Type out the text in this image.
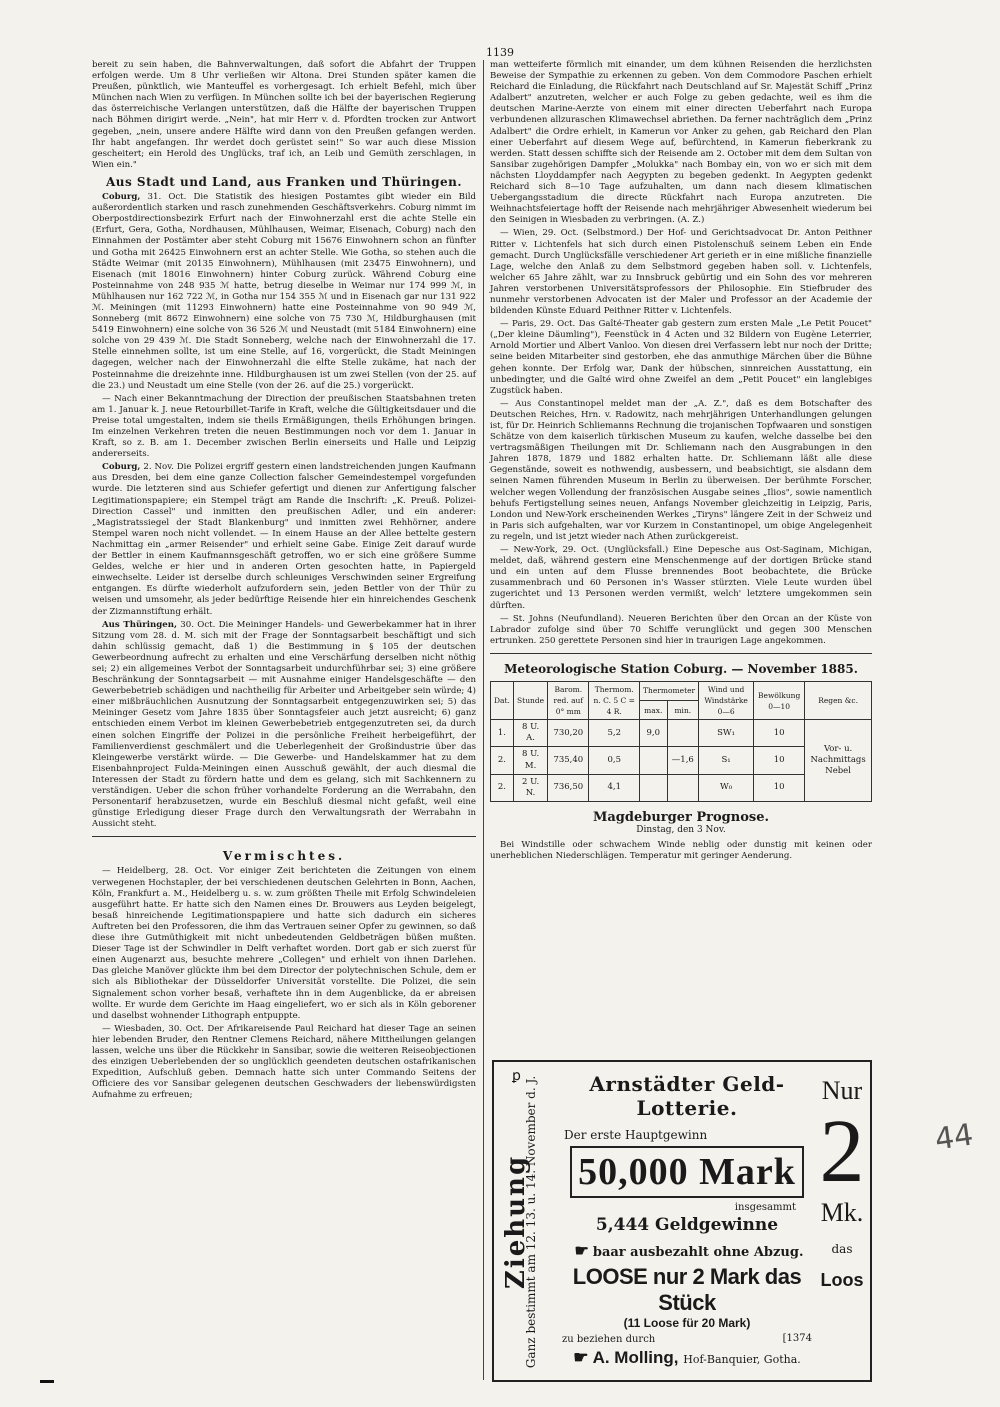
1139

bereit zu sein haben, die Bahnverwaltungen, daß sofort die Abfahrt der Truppen erfolgen werde. Um 8 Uhr verließen wir Altona. Drei Stunden später kamen die Preußen, pünktlich, wie Manteuffel es vorhergesagt. Ich erhielt Befehl, mich über München nach Wien zu verfügen. In München sollte ich bei der bayerischen Regierung das österreichische Verlangen unterstützen, daß die Hälfte der bayerischen Truppen nach Böhmen dirigirt werde. „Nein", hat mir Herr v. d. Pfordten trocken zur Antwort gegeben, „nein, unsere andere Hälfte wird dann von den Preußen gefangen werden. Ihr habt angefangen. Ihr werdet doch gerüstet sein!" So war auch diese Mission gescheitert; ein Herold des Unglücks, traf ich, an Leib und Gemüth zerschlagen, in Wien ein."

Aus Stadt und Land, aus Franken und Thüringen.

Coburg, 31. Oct. Die Statistik des hiesigen Postamtes gibt wieder ein Bild außerordentlich starken und rasch zunehmenden Geschäftsverkehrs. Coburg nimmt im Oberpostdirectionsbezirk Erfurt nach der Einwohnerzahl erst die achte Stelle ein (Erfurt, Gera, Gotha, Nordhausen, Mühlhausen, Weimar, Eisenach, Coburg) nach den Einnahmen der Postämter aber steht Coburg mit 15676 Einwohnern schon an fünfter und Gotha mit 26425 Einwohnern erst an achter Stelle. Wie Gotha, so stehen auch die Städte Weimar (mit 20135 Einwohnern), Mühlhausen (mit 23475 Einwohnern), und Eisenach (mit 18016 Einwohnern) hinter Coburg zurück. Während Coburg eine Posteinnahme von 248 935 ℳ hatte, betrug dieselbe in Weimar nur 174 999 ℳ, in Mühlhausen nur 162 722 ℳ, in Gotha nur 154 355 ℳ und in Eisenach gar nur 131 922 ℳ. Meiningen (mit 11293 Einwohnern) hatte eine Posteinnahme von 90 949 ℳ, Sonneberg (mit 8672 Einwohnern) eine solche von 75 730 ℳ, Hildburghausen (mit 5419 Einwohnern) eine solche von 36 526 ℳ und Neustadt (mit 5184 Einwohnern) eine solche von 29 439 ℳ. Die Stadt Sonneberg, welche nach der Einwohnerzahl die 17. Stelle einnehmen sollte, ist um eine Stelle, auf 16, vorgerückt, die Stadt Meiningen dagegen, welcher nach der Einwohnerzahl die elfte Stelle zukäme, hat nach der Posteinnahme die dreizehnte inne. Hildburghausen ist um zwei Stellen (von der 25. auf die 23.) und Neustadt um eine Stelle (von der 26. auf die 25.) vorgerückt.

— Nach einer Bekanntmachung der Direction der preußischen Staatsbahnen treten am 1. Januar k. J. neue Retourbillet-Tarife in Kraft, welche die Gültigkeitsdauer und die Preise total umgestalten, indem sie theils Ermäßigungen, theils Erhöhungen bringen. Im einzelnen Verkehren treten die neuen Bestimmungen noch vor dem 1. Januar in Kraft, so z. B. am 1. December zwischen Berlin einerseits und Halle und Leipzig andererseits.

Coburg, 2. Nov. Die Polizei ergriff gestern einen landstreichenden jungen Kaufmann aus Dresden, bei dem eine ganze Collection falscher Gemeindestempel vorgefunden wurde. Die letzteren sind aus Schiefer gefertigt und dienen zur Anfertigung falscher Legitimationspapiere; ein Stempel trägt am Rande die Inschrift: „K. Preuß. Polizei-Direction Cassel" und inmitten den preußischen Adler, und ein anderer: „Magistratssiegel der Stadt Blankenburg" und inmitten zwei Rehhörner, andere Stempel waren noch nicht vollendet. — In einem Hause an der Allee bettelte gestern Nachmittag ein „armer Reisender" und erhielt seine Gabe. Einige Zeit darauf wurde der Bettler in einem Kaufmannsgeschäft getroffen, wo er sich eine größere Summe Geldes, welche er hier und in anderen Orten gesochten hatte, in Papiergeld einwechselte. Leider ist derselbe durch schleuniges Verschwinden seiner Ergreifung entgangen. Es dürfte wiederholt aufzufordern sein, jeden Bettler von der Thür zu weisen und umsomehr, als jeder bedürftige Reisende hier ein hinreichendes Geschenk der Zizmannstiftung erhält.

Aus Thüringen, 30. Oct. Die Meininger Handels- und Gewerbekammer hat in ihrer Sitzung vom 28. d. M. sich mit der Frage der Sonntagsarbeit beschäftigt und sich dahin schlüssig gemacht, daß 1) die Bestimmung in § 105 der deutschen Gewerbeordnung aufrecht zu erhalten und eine Verschärfung derselben nicht nöthig sei; 2) ein allgemeines Verbot der Sonntagsarbeit undurchführbar sei; 3) eine größere Beschränkung der Sonntagsarbeit — mit Ausnahme einiger Handelsgeschäfte — den Gewerbebetrieb schädigen und nachtheilig für Arbeiter und Arbeitgeber sein würde; 4) einer mißbräuchlichen Ausnutzung der Sonntagsarbeit entgegenzuwirken sei; 5) das Meininger Gesetz vom Jahre 1835 über Sonntagsfeier auch jetzt ausreicht; 6) ganz entschieden einem Verbot im kleinen Gewerbebetrieb entgegenzutreten sei, da durch einen solchen Eingriffe der Polizei in die persönliche Freiheit herbeigeführt, der Familienverdienst geschmälert und die Ueberlegenheit der Großindustrie über das Kleingewerbe verstärkt würde. — Die Gewerbe- und Handelskammer hat zu dem Eisenbahnproject Fulda-Meiningen einen Ausschuß gewählt, der auch diesmal die Interessen der Stadt zu fördern hatte und dem es gelang, sich mit Sachkennern zu verständigen. Ueber die schon früher vorhandelte Forderung an die Werrabahn, den Personentarif herabzusetzen, wurde ein Beschluß diesmal nicht gefaßt, weil eine günstige Erledigung dieser Frage durch den Verwaltungsrath der Werrabahn in Aussicht steht.

Vermischtes.

— Heidelberg, 28. Oct. Vor einiger Zeit berichteten die Zeitungen von einem verwegenen Hochstapler, der bei verschiedenen deutschen Gelehrten in Bonn, Aachen, Köln, Frankfurt a. M., Heidelberg u. s. w. zum größten Theile mit Erfolg Schwindeleien ausgeführt hatte. Er hatte sich den Namen eines Dr. Brouwers aus Leyden beigelegt, besaß hinreichende Legitimationspapiere und hatte sich dadurch ein sicheres Auftreten bei den Professoren, die ihm das Vertrauen seiner Opfer zu gewinnen, so daß diese ihre Gutmüthigkeit mit nicht unbedeutenden Geldbeträgen büßen mußten. Dieser Tage ist der Schwindler in Delft verhaftet worden. Dort gab er sich zuerst für einen Augenarzt aus, besuchte mehrere „Collegen" und erhielt von ihnen Darlehen. Das gleiche Manöver glückte ihm bei dem Director der polytechnischen Schule, dem er sich als Bibliothekar der Düsseldorfer Universität vorstellte. Die Polizei, die sein Signalement schon vorher besaß, verhaftete ihn in dem Augenblicke, da er abreisen wollte. Er wurde dem Gerichte im Haag eingeliefert, wo er sich als in Köln geborener und daselbst wohnender Lithograph entpuppte.

— Wiesbaden, 30. Oct. Der Afrikareisende Paul Reichard hat dieser Tage an seinen hier lebenden Bruder, den Rentner Clemens Reichard, nähere Mittheilungen gelangen lassen, welche uns über die Rückkehr in Sansibar, sowie die weiteren Reiseobjectionen des einzigen Ueberlebenden der so unglücklich geendeten deutschen ostafrikanischen Expedition, Aufschluß geben. Demnach hatte sich unter Commando Seitens der Officiere des vor Sansibar gelegenen deutschen Geschwaders der liebenswürdigsten Aufnahme zu erfreuen;

man wetteiferte förmlich mit einander, um dem kühnen Reisenden die herzlichsten Beweise der Sympathie zu erkennen zu geben. Von dem Commodore Paschen erhielt Reichard die Einladung, die Rückfahrt nach Deutschland auf Sr. Majestät Schiff „Prinz Adalbert" anzutreten, welcher er auch Folge zu geben gedachte, weil es ihm die deutschen Marine-Aerzte von einem mit einer directen Ueberfahrt nach Europa verbundenen allzuraschen Klimawechsel abriethen. Da ferner nachträglich dem „Prinz Adalbert" die Ordre erhielt, in Kamerun vor Anker zu gehen, gab Reichard den Plan einer Ueberfahrt auf diesem Wege auf, befürchtend, in Kamerun fieberkrank zu werden. Statt dessen schiffte sich der Reisende am 2. October mit dem dem Sultan von Sansibar zugehörigen Dampfer „Molukka" nach Bombay ein, von wo er sich mit dem nächsten Lloyddampfer nach Aegypten zu begeben gedenkt. In Aegypten gedenkt Reichard sich 8—10 Tage aufzuhalten, um dann nach diesem klimatischen Uebergangsstadium die directe Rückfahrt nach Europa anzutreten. Die Weihnachtsfeiertage hofft der Reisende nach mehrjähriger Abwesenheit wiederum bei den Seinigen in Wiesbaden zu verbringen. (A. Z.)

— Wien, 29. Oct. (Selbstmord.) Der Hof- und Gerichtsadvocat Dr. Anton Peithner Ritter v. Lichtenfels hat sich durch einen Pistolenschuß seinem Leben ein Ende gemacht. Durch Unglücksfälle verschiedener Art gerieth er in eine mißliche finanzielle Lage, welche den Anlaß zu dem Selbstmord gegeben haben soll. v. Lichtenfels, welcher 65 Jahre zählt, war zu Innsbruck gebürtig und ein Sohn des vor mehreren Jahren verstorbenen Universitätsprofessors der Philosophie. Ein Stiefbruder des nunmehr verstorbenen Advocaten ist der Maler und Professor an der Academie der bildenden Künste Eduard Peithner Ritter v. Lichtenfels.

— Paris, 29. Oct. Das Gaîté-Theater gab gestern zum ersten Male „Le Petit Poucet" („Der kleine Däumling"), Feenstück in 4 Acten und 32 Bildern von Eugène Leterrier, Arnold Mortier und Albert Vanloo. Von diesen drei Verfassern lebt nur noch der Dritte; seine beiden Mitarbeiter sind gestorben, ehe das anmuthige Märchen über die Bühne gehen konnte. Der Erfolg war, Dank der hübschen, sinnreichen Ausstattung, ein unbedingter, und die Gaîté wird ohne Zweifel an dem „Petit Poucet" ein langlebiges Zugstück haben.

— Aus Constantinopel meldet man der „A. Z.", daß es dem Botschafter des Deutschen Reiches, Hrn. v. Radowitz, nach mehrjährigen Unterhandlungen gelungen ist, für Dr. Heinrich Schliemanns Rechnung die trojanischen Topfwaaren und sonstigen Schätze von dem kaiserlich türkischen Museum zu kaufen, welche dasselbe bei den vertragsmäßigen Theilungen mit Dr. Schliemann nach den Ausgrabungen in den Jahren 1878, 1879 und 1882 erhalten hatte. Dr. Schliemann läßt alle diese Gegenstände, soweit es nothwendig, ausbessern, und beabsichtigt, sie alsdann dem seinen Namen führenden Museum in Berlin zu überweisen. Der berühmte Forscher, welcher wegen Vollendung der französischen Ausgabe seines „Ilios", sowie namentlich behufs Fertigstellung seines neuen, Anfangs November gleichzeitig in Leipzig, Paris, London und New-York erscheinenden Werkes „Tiryns" längere Zeit in der Schweiz und in Paris sich aufgehalten, war vor Kurzem in Constantinopel, um obige Angelegenheit zu regeln, und ist jetzt wieder nach Athen zurückgereist.

— New-York, 29. Oct. (Unglücksfall.) Eine Depesche aus Ost-Saginam, Michigan, meldet, daß, während gestern eine Menschenmenge auf der dortigen Brücke stand und ein unten auf dem Flusse brennendes Boot beobachtete, die Brücke zusammenbrach und 60 Personen in's Wasser stürzten. Viele Leute wurden übel zugerichtet und 13 Personen werden vermißt, welch' letztere umgekommen sein dürften.

— St. Johns (Neufundland). Neueren Berichten über den Orcan an der Küste von Labrador zufolge sind über 70 Schiffe verunglückt und gegen 300 Menschen ertrunken. 250 gerettete Personen sind hier in traurigen Lage angekommen.

Meteorologische Station Coburg. — November 1885.
Dat.	Stunde	Barom. red. auf 0° mm	Thermom. n. C. 5 C = 4 R.	Thermometer		Wind und Windstärke 0—6	Bewölkung 0—10	Regen &c.
				max.	min.			
1.	8 U. A.	730,20	5,2	9,0		SW₁	10	Vor- u. Nachmittags Nebel
2.	8 U. M.	735,40	0,5		—1,6	S₁	10	
2.	2 U. N.	736,50	4,1			W₀	10	
Magdeburger Prognose.
Dinstag, den 3 Nov.

Bei Windstille oder schwachem Winde neblig oder dunstig mit keinen oder unerheblichen Niederschlägen. Temperatur mit geringer Aenderung.

Ziehung
Ganz bestimmt am 12. 13. u. 14. November d. J.
ꝑ	Arnstädter Geld-Lotterie.
Der erste Hauptgewinn
50,000 Mark
insgesammt
5,444 Geldgewinne
☛ baar ausbezahlt ohne Abzug.
LOOSE nur 2 Mark das Stück
(11 Loose für 20 Mark)
zu beziehen durch	[1374
☛ A. Molling, Hof-Banquier, Gotha.
Nur
2
Mk.
das
Loos
44
